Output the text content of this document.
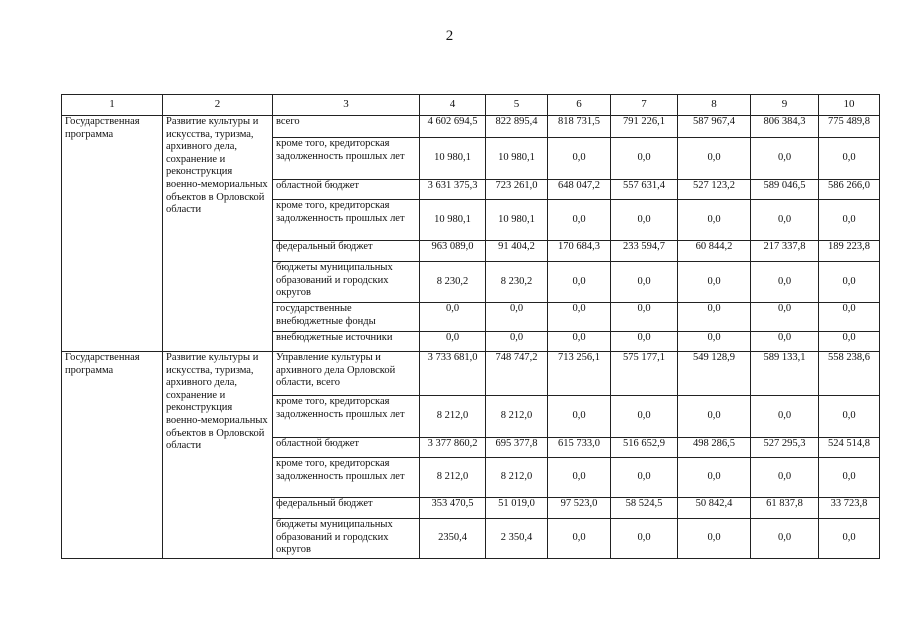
2
1	2	3	4	5	6	7	8	9	10
Государственная программа	Развитие культуры и искусства, туризма, архивного дела, сохранение и реконструкция военно-мемориальных объектов в Орловской области	всего	4 602 694,5	822 895,4	818 731,5	791 226,1	587 967,4	806 384,3	775 489,8
		кроме того, кредиторская задолженность прошлых лет	10 980,1	10 980,1	0,0	0,0	0,0	0,0	0,0
		областной бюджет	3 631 375,3	723 261,0	648 047,2	557 631,4	527 123,2	589 046,5	586 266,0
		кроме того, кредиторская задолженность прошлых лет	10 980,1	10 980,1	0,0	0,0	0,0	0,0	0,0
		федеральный бюджет	963 089,0	91 404,2	170 684,3	233 594,7	60 844,2	217 337,8	189 223,8
		бюджеты муниципальных образований и городских округов	8 230,2	8 230,2	0,0	0,0	0,0	0,0	0,0
		государственные внебюджетные фонды	0,0	0,0	0,0	0,0	0,0	0,0	0,0
		внебюджетные источники	0,0	0,0	0,0	0,0	0,0	0,0	0,0
Государственная программа	Развитие культуры и искусства, туризма, архивного дела, сохранение и реконструкция военно-мемориальных объектов в Орловской области	Управление культуры и архивного дела Орловской области, всего	3 733 681,0	748 747,2	713 256,1	575 177,1	549 128,9	589 133,1	558 238,6
		кроме того, кредиторская задолженность прошлых лет	8 212,0	8 212,0	0,0	0,0	0,0	0,0	0,0
		областной бюджет	3 377 860,2	695 377,8	615 733,0	516 652,9	498 286,5	527 295,3	524 514,8
		кроме того, кредиторская задолженность прошлых лет	8 212,0	8 212,0	0,0	0,0	0,0	0,0	0,0
		федеральный бюджет	353 470,5	51 019,0	97 523,0	58 524,5	50 842,4	61 837,8	33 723,8
		бюджеты муниципальных образований и городских округов	2350,4	2 350,4	0,0	0,0	0,0	0,0	0,0
